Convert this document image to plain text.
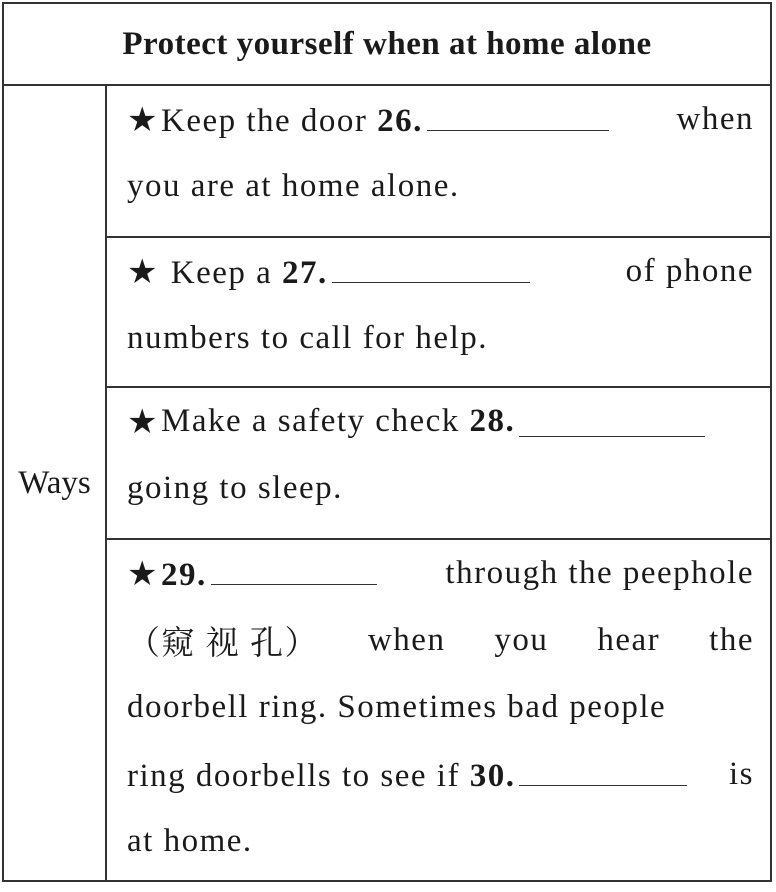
Protect yourself when at home alone
Ways
★Keep the door 26.	when
you are at home alone.
★ Keep a 27.	of phone
numbers to call for help.
★ Make a safety check
28.
going to sleep.
★29.	through the peephole
（窥 视 孔） when you hear the
doorbell ring. Sometimes bad people
ring doorbells to see if 30.	is
at home.
